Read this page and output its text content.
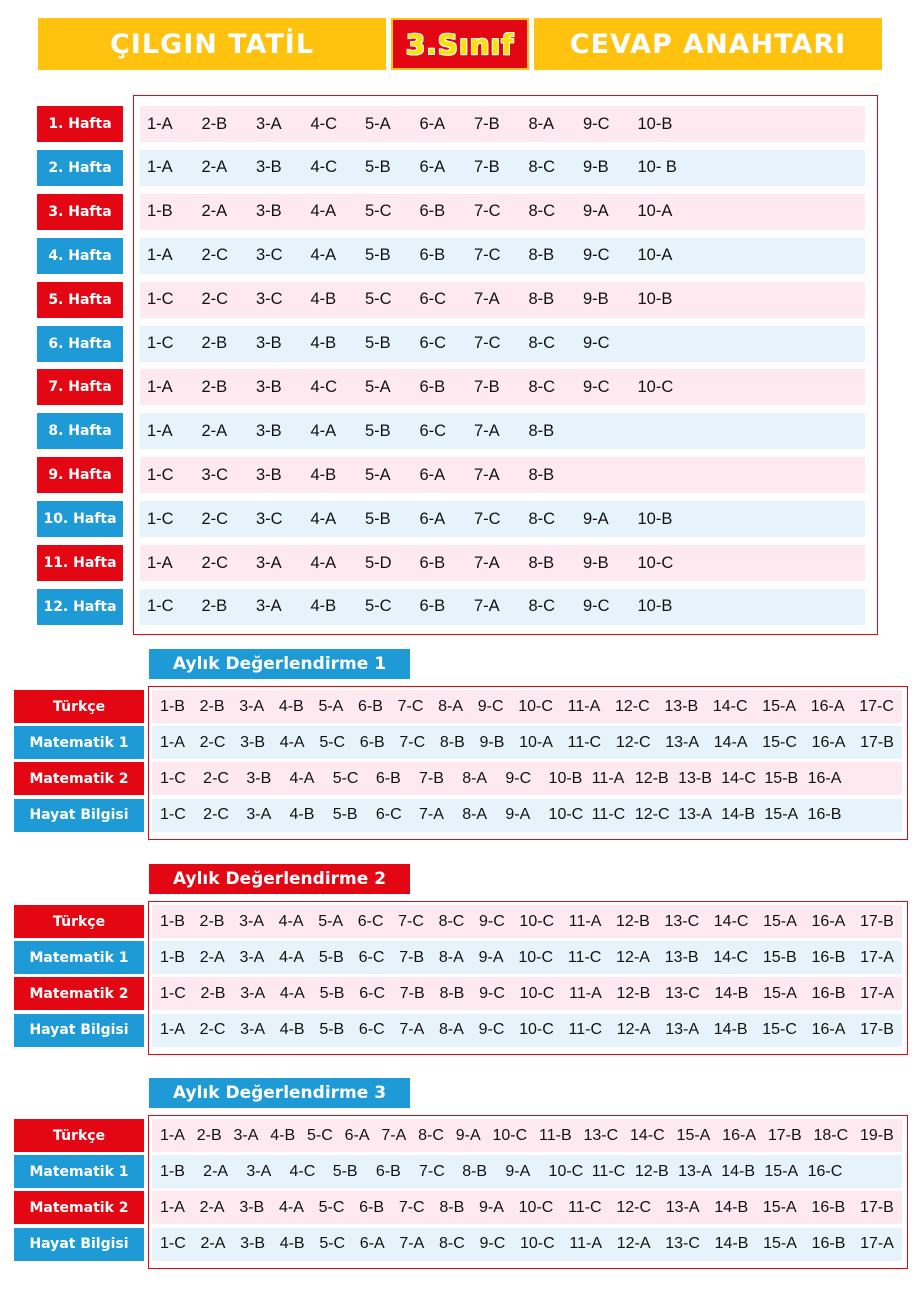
ÇILGIN TATİL	3.Sınıf	CEVAP ANAHTARI
1. Hafta	1-A	2-B	3-A	4-C	5-A	6-A	7-B	8-A	9-C	10-B
2. Hafta	1-A	2-A	3-B	4-C	5-B	6-A	7-B	8-C	9-B	10- B
3. Hafta	1-B	2-A	3-B	4-A	5-C	6-B	7-C	8-C	9-A	10-A
4. Hafta	1-A	2-C	3-C	4-A	5-B	6-B	7-C	8-B	9-C	10-A
5. Hafta	1-C	2-C	3-C	4-B	5-C	6-C	7-A	8-B	9-B	10-B
6. Hafta	1-C	2-B	3-B	4-B	5-B	6-C	7-C	8-C	9-C
7. Hafta	1-A	2-B	3-B	4-C	5-A	6-B	7-B	8-C	9-C	10-C
8. Hafta	1-A	2-A	3-B	4-A	5-B	6-C	7-A	8-B
9. Hafta	1-C	3-C	3-B	4-B	5-A	6-A	7-A	8-B
10. Hafta	1-C	2-C	3-C	4-A	5-B	6-A	7-C	8-C	9-A	10-B
11. Hafta	1-A	2-C	3-A	4-A	5-D	6-B	7-A	8-B	9-B	10-C
12. Hafta	1-C	2-B	3-A	4-B	5-C	6-B	7-A	8-C	9-C	10-B
Aylık Değerlendirme 1
Türkçe	1-B 2-B 3-A 4-B 5-A 6-B 7-C 8-A 9-C 10-C 11-A 12-C 13-B 14-C 15-A 16-A 17-C
Matematik 1	1-A 2-C 3-B 4-A 5-C 6-B 7-C 8-B 9-B 10-A 11-C 12-C 13-A 14-A 15-C 16-A 17-B
Matematik 2	1-C	2-C	3-B	4-A	5-C	6-B	7-B	8-A	9-C	10-B 11-A 12-B 13-B 14-C 15-B 16-A
Hayat Bilgisi	1-C	2-C	3-A	4-B	5-B	6-C	7-A	8-A	9-A	10-C 11-C 12-C 13-A 14-B 15-A 16-B
Aylık Değerlendirme 2
Türkçe	1-B 2-B 3-A 4-A 5-A 6-C 7-C 8-C 9-C 10-C 11-A 12-B 13-C 14-C 15-A 16-A 17-B
Matematik 1	1-B 2-A 3-A 4-A 5-B 6-C 7-B 8-A 9-A 10-C 11-C 12-A 13-B 14-C 15-B 16-B 17-A
Matematik 2	1-C 2-B 3-A 4-A 5-B 6-C 7-B 8-B 9-C 10-C 11-A 12-B 13-C 14-B 15-A 16-B 17-A
Hayat Bilgisi	1-A 2-C 3-A 4-B 5-B 6-C 7-A 8-A 9-C 10-C 11-C 12-A 13-A 14-B 15-C 16-A 17-B
Aylık Değerlendirme 3
Türkçe	1-A 2-B 3-A 4-B 5-C 6-A 7-A 8-C 9-A 10-C 11-B 13-C 14-C 15-A 16-A 17-B 18-C 19-B
Matematik 1	1-B	2-A	3-A	4-C	5-B	6-B	7-C	8-B	9-A	10-C 11-C 12-B 13-A 14-B 15-A 16-C
Matematik 2	1-A 2-A 3-B 4-A 5-C 6-B 7-C 8-B 9-A 10-C 11-C 12-C 13-A 14-B 15-A 16-B 17-B
Hayat Bilgisi	1-C 2-A 3-B 4-B 5-C 6-A 7-A 8-C 9-C 10-C 11-A 12-A 13-C 14-B 15-A 16-B 17-A
